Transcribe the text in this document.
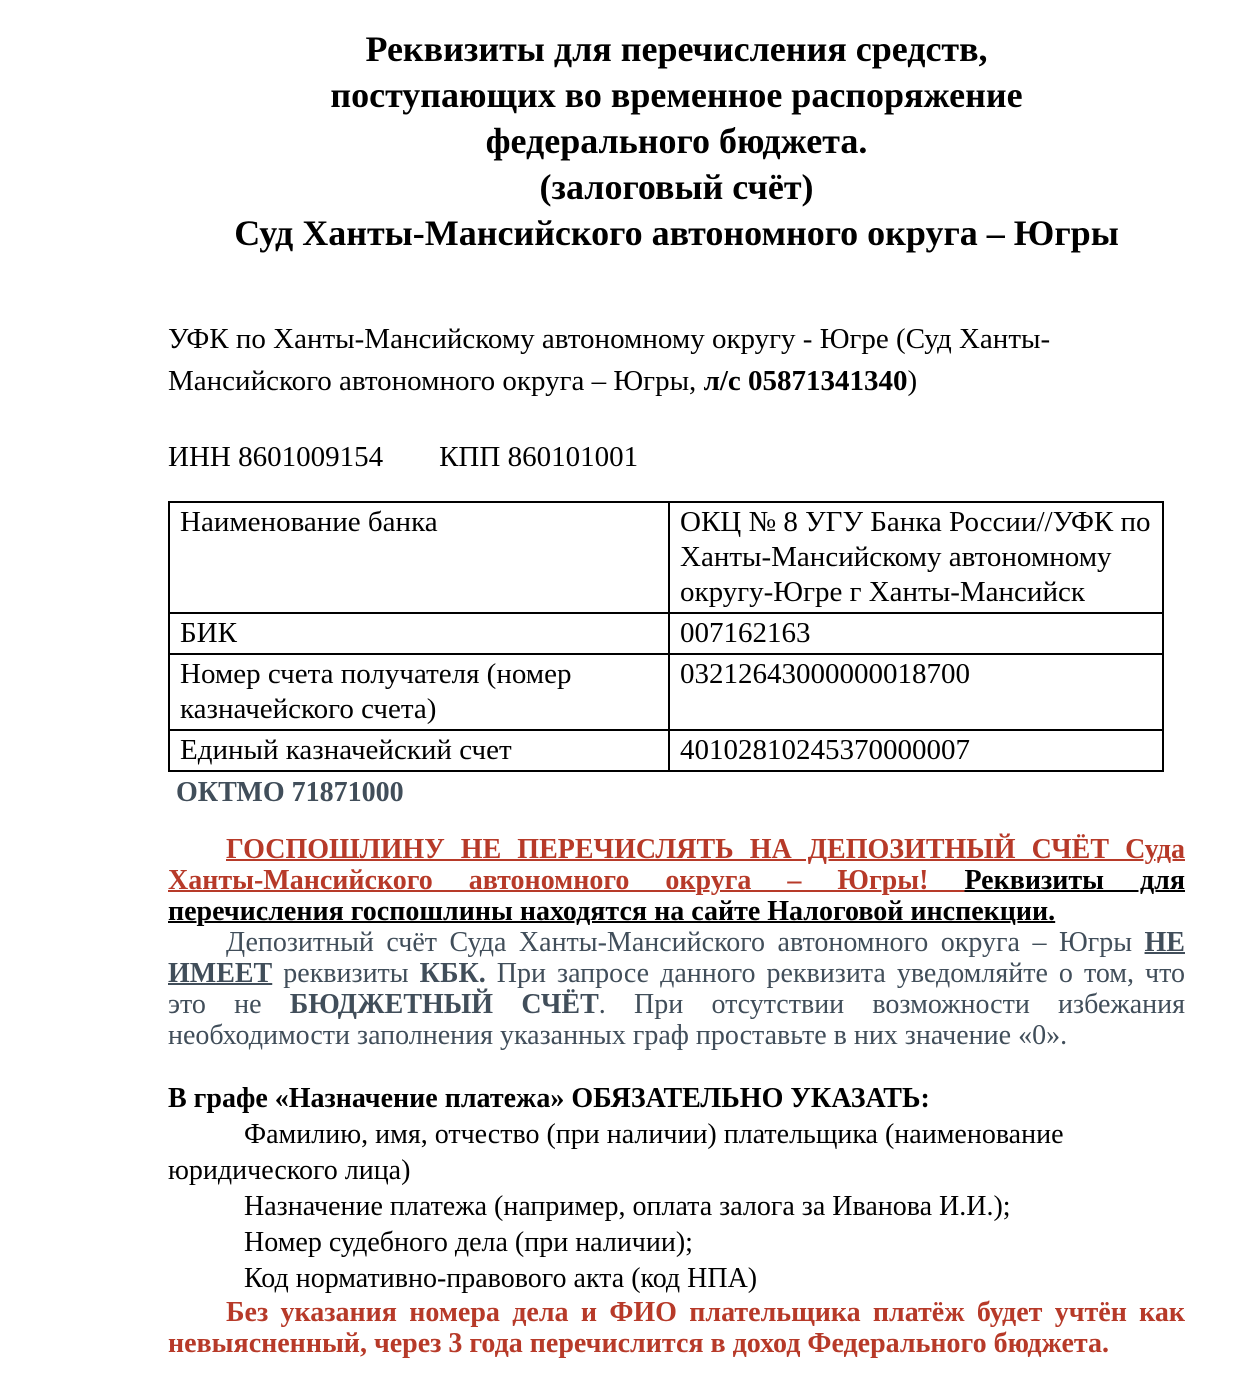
Реквизиты для перечисления средств,
поступающих во временное распоряжение
федерального бюджета.
(залоговый счёт)
Суд Ханты-Мансийского автономного округа – Югры

УФК по Ханты-Мансийскому автономному округу - Югре (Суд Ханты-Мансийского автономного округа – Югры, л/с 05871341340)

ИНН 8601009154 КПП 860101001

Наименование банка	ОКЦ № 8 УГУ Банка России//УФК по Ханты-Мансийскому автономному округу-Югре г Ханты-Мансийск
БИК	007162163
Номер счета получателя (номер казначейского счета)	03212643000000018700
Единый казначейский счет	40102810245370000007

ОКТМО 71871000

ГОСПОШЛИНУ НЕ ПЕРЕЧИСЛЯТЬ НА ДЕПОЗИТНЫЙ СЧЁТ Суда Ханты-Мансийского автономного округа – Югры! Реквизиты для перечисления госпошлины находятся на сайте Налоговой инспекции.

Депозитный счёт Суда Ханты-Мансийского автономного округа – Югры НЕ ИМЕЕТ реквизиты КБК. При запросе данного реквизита уведомляйте о том, что это не БЮДЖЕТНЫЙ СЧЁТ. При отсутствии возможности избежания необходимости заполнения указанных граф проставьте в них значение «0».

В графе «Назначение платежа» ОБЯЗАТЕЛЬНО УКАЗАТЬ:

Фамилию, имя, отчество (при наличии) плательщика (наименование юридического лица)

Назначение платежа (например, оплата залога за Иванова И.И.);

Номер судебного дела (при наличии);

Код нормативно-правового акта (код НПА)

Без указания номера дела и ФИО плательщика платёж будет учтён как невыясненный, через 3 года перечислится в доход Федерального бюджета.
